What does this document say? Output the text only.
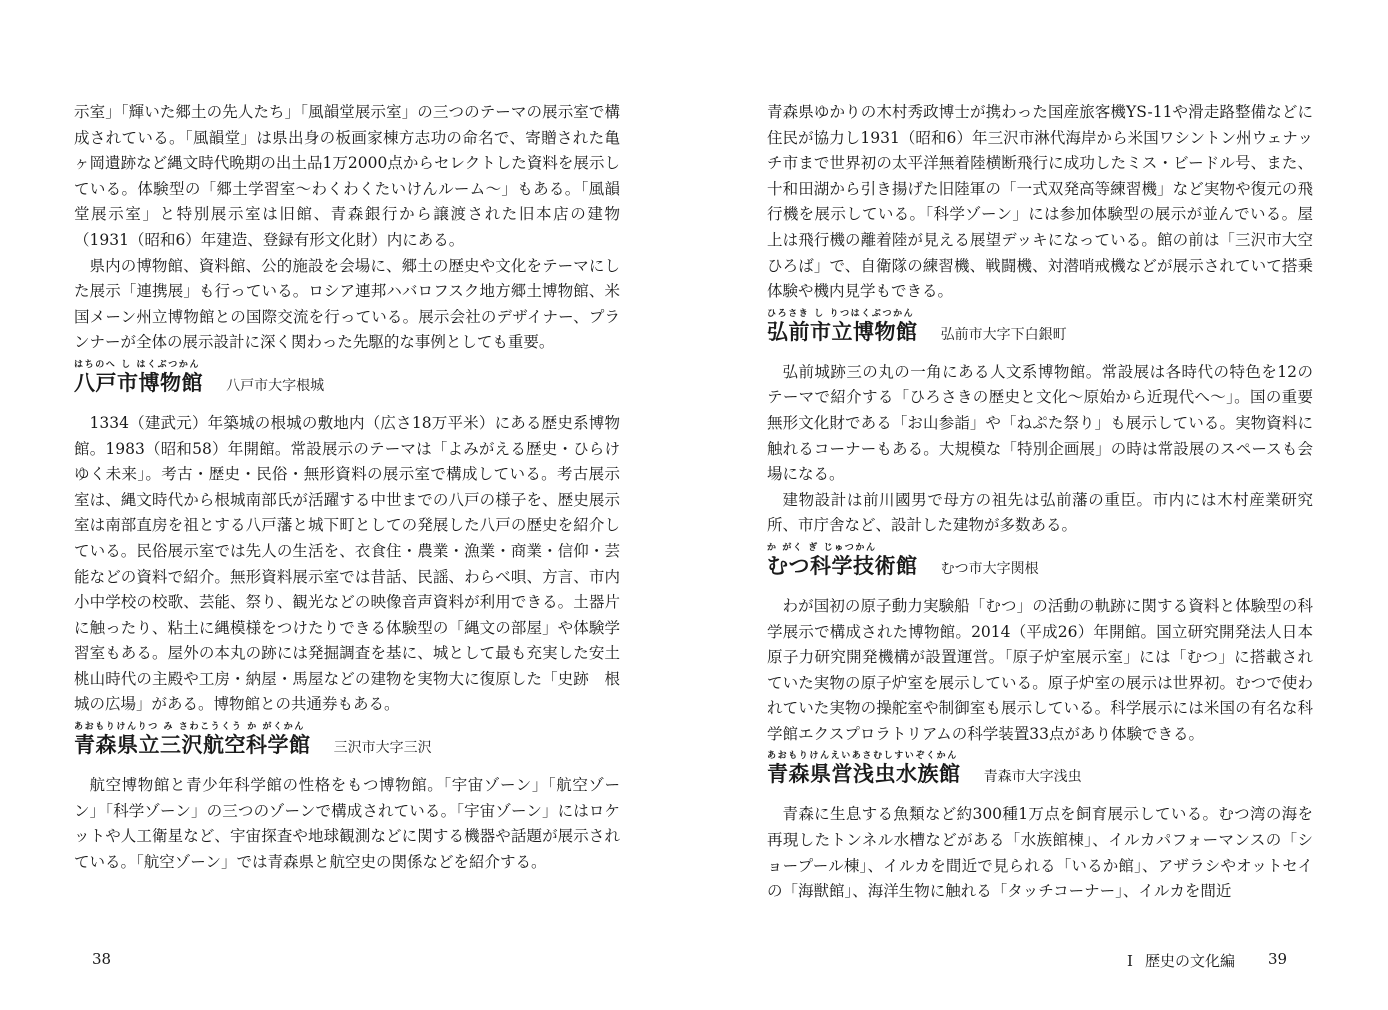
示室」「輝いた郷土の先人たち」「風韻堂展示室」の三つのテーマの展示室で構成されている。「風韻堂」は県出身の板画家棟方志功の命名で、寄贈された亀ヶ岡遺跡など縄文時代晩期の出土品1万2000点からセレクトした資料を展示している。体験型の「郷土学習室〜わくわくたいけんルーム〜」もある。「風韻堂展示室」と特別展示室は旧館、青森銀行から譲渡された旧本店の建物（1931（昭和6）年建造、登録有形文化財）内にある。

県内の博物館、資料館、公的施設を会場に、郷土の歴史や文化をテーマにした展示「連携展」も行っている。ロシア連邦ハバロフスク地方郷土博物館、米国メーン州立博物館との国際交流を行っている。展示会社のデザイナー、プランナーが全体の展示設計に深く関わった先駆的な事例としても重要。

はちのへ し はくぶつかん
八戸市博物館 八戸市大字根城

1334（建武元）年築城の根城の敷地内（広さ18万平米）にある歴史系博物館。1983（昭和58）年開館。常設展示のテーマは「よみがえる歴史・ひらけゆく未来」。考古・歴史・民俗・無形資料の展示室で構成している。考古展示室は、縄文時代から根城南部氏が活躍する中世までの八戸の様子を、歴史展示室は南部直房を祖とする八戸藩と城下町としての発展した八戸の歴史を紹介している。民俗展示室では先人の生活を、衣食住・農業・漁業・商業・信仰・芸能などの資料で紹介。無形資料展示室では昔話、民謡、わらべ唄、方言、市内小中学校の校歌、芸能、祭り、観光などの映像音声資料が利用できる。土器片に触ったり、粘土に縄模様をつけたりできる体験型の「縄文の部屋」や体験学習室もある。屋外の本丸の跡には発掘調査を基に、城として最も充実した安土桃山時代の主殿や工房・納屋・馬屋などの建物を実物大に復原した「史跡　根城の広場」がある。博物館との共通券もある。

あおもりけんりつ み さわこうくう か がくかん
青森県立三沢航空科学館 三沢市大字三沢

航空博物館と青少年科学館の性格をもつ博物館。「宇宙ゾーン」「航空ゾーン」「科学ゾーン」の三つのゾーンで構成されている。「宇宙ゾーン」にはロケットや人工衛星など、宇宙探査や地球観測などに関する機器や話題が展示されている。「航空ゾーン」では青森県と航空史の関係などを紹介する。

青森県ゆかりの木村秀政博士が携わった国産旅客機YS-11や滑走路整備などに住民が協力し1931（昭和6）年三沢市淋代海岸から米国ワシントン州ウェナッチ市まで世界初の太平洋無着陸横断飛行に成功したミス・ビードル号、また、十和田湖から引き揚げた旧陸軍の「一式双発高等練習機」など実物や復元の飛行機を展示している。「科学ゾーン」には参加体験型の展示が並んでいる。屋上は飛行機の離着陸が見える展望デッキになっている。館の前は「三沢市大空ひろば」で、自衛隊の練習機、戦闘機、対潜哨戒機などが展示されていて搭乗体験や機内見学もできる。

ひろさき し りつはくぶつかん
弘前市立博物館 弘前市大字下白銀町

弘前城跡三の丸の一角にある人文系博物館。常設展は各時代の特色を12のテーマで紹介する「ひろさきの歴史と文化〜原始から近現代へ〜」。国の重要無形文化財である「お山参詣」や「ねぷた祭り」も展示している。実物資料に触れるコーナーもある。大規模な「特別企画展」の時は常設展のスペースも会場になる。

建物設計は前川國男で母方の祖先は弘前藩の重臣。市内には木村産業研究所、市庁舎など、設計した建物が多数ある。

か がく ぎ じゅつかん
むつ科学技術館 むつ市大字関根

わが国初の原子動力実験船「むつ」の活動の軌跡に関する資料と体験型の科学展示で構成された博物館。2014（平成26）年開館。国立研究開発法人日本原子力研究開発機構が設置運営。「原子炉室展示室」には「むつ」に搭載されていた実物の原子炉室を展示している。原子炉室の展示は世界初。むつで使われていた実物の操舵室や制御室も展示している。科学展示には米国の有名な科学館エクスプロラトリアムの科学装置33点があり体験できる。

あおもりけんえいあさむしすいぞくかん
青森県営浅虫水族館 青森市大字浅虫

青森に生息する魚類など約300種1万点を飼育展示している。むつ湾の海を再現したトンネル水槽などがある「水族館棟」、イルカパフォーマンスの「ショープール棟」、イルカを間近で見られる「いるか館」、アザラシやオットセイの「海獣館」、海洋生物に触れる「タッチコーナー」、イルカを間近

38	Ⅰ 歴史の文化編 39
